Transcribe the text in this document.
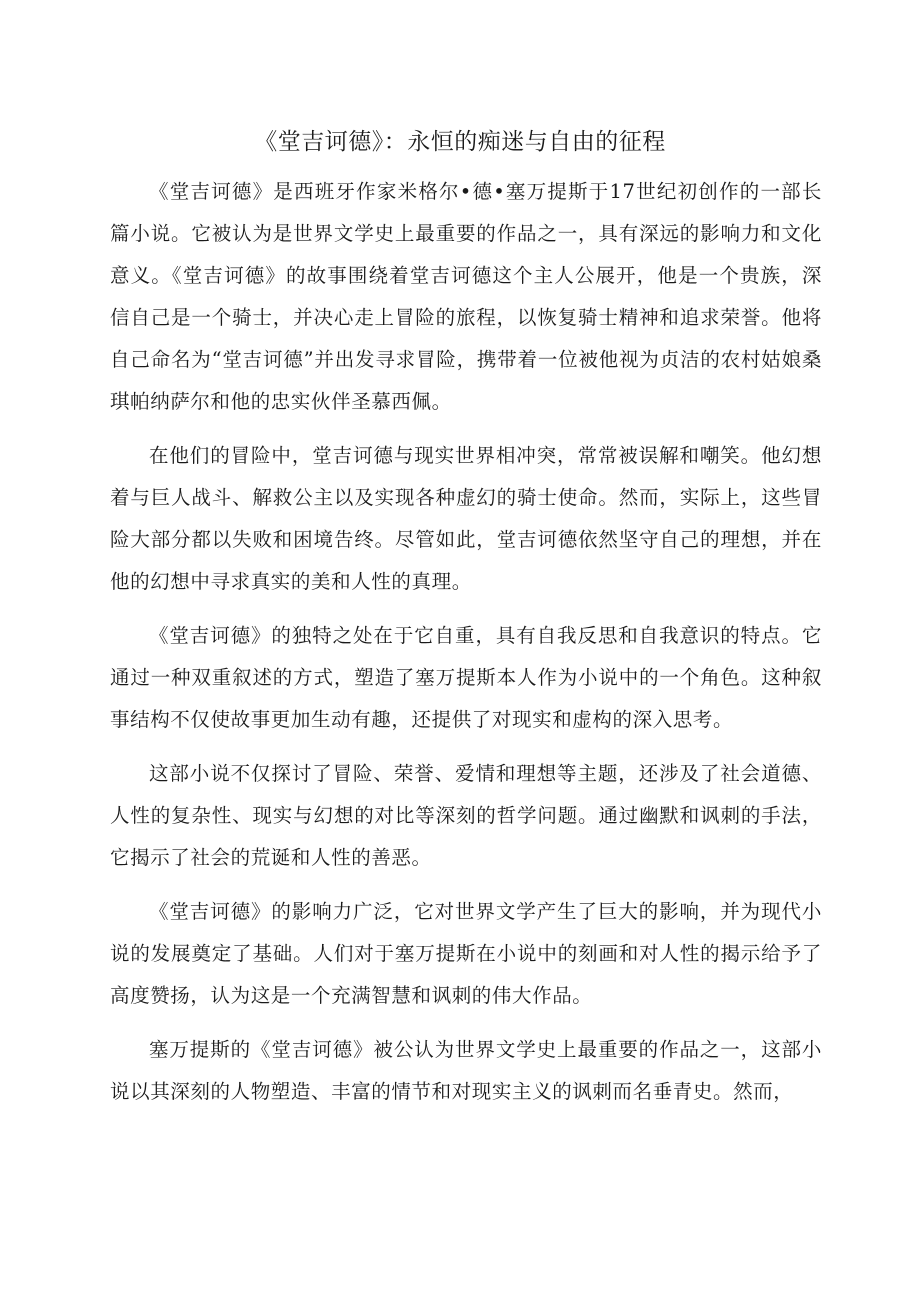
《堂吉诃德》：永恒的痴迷与自由的征程

《堂吉诃德》是西班牙作家米格尔•德•塞万提斯于17世纪初创作的一部长篇小说。它被认为是世界文学史上最重要的作品之一，具有深远的影响力和文化意义。《堂吉诃德》的故事围绕着堂吉诃德这个主人公展开，他是一个贵族，深信自己是一个骑士，并决心走上冒险的旅程，以恢复骑士精神和追求荣誉。他将自己命名为“堂吉诃德”并出发寻求冒险，携带着一位被他视为贞洁的农村姑娘桑琪帕纳萨尔和他的忠实伙伴圣慕西佩。

在他们的冒险中，堂吉诃德与现实世界相冲突，常常被误解和嘲笑。他幻想着与巨人战斗、解救公主以及实现各种虚幻的骑士使命。然而，实际上，这些冒险大部分都以失败和困境告终。尽管如此，堂吉诃德依然坚守自己的理想，并在他的幻想中寻求真实的美和人性的真理。

《堂吉诃德》的独特之处在于它自重，具有自我反思和自我意识的特点。它通过一种双重叙述的方式，塑造了塞万提斯本人作为小说中的一个角色。这种叙事结构不仅使故事更加生动有趣，还提供了对现实和虚构的深入思考。

这部小说不仅探讨了冒险、荣誉、爱情和理想等主题，还涉及了社会道德、人性的复杂性、现实与幻想的对比等深刻的哲学问题。通过幽默和讽刺的手法，它揭示了社会的荒诞和人性的善恶。

《堂吉诃德》的影响力广泛，它对世界文学产生了巨大的影响，并为现代小说的发展奠定了基础。人们对于塞万提斯在小说中的刻画和对人性的揭示给予了高度赞扬，认为这是一个充满智慧和讽刺的伟大作品。

塞万提斯的《堂吉诃德》被公认为世界文学史上最重要的作品之一，这部小说以其深刻的人物塑造、丰富的情节和对现实主义的讽刺而名垂青史。然而，
